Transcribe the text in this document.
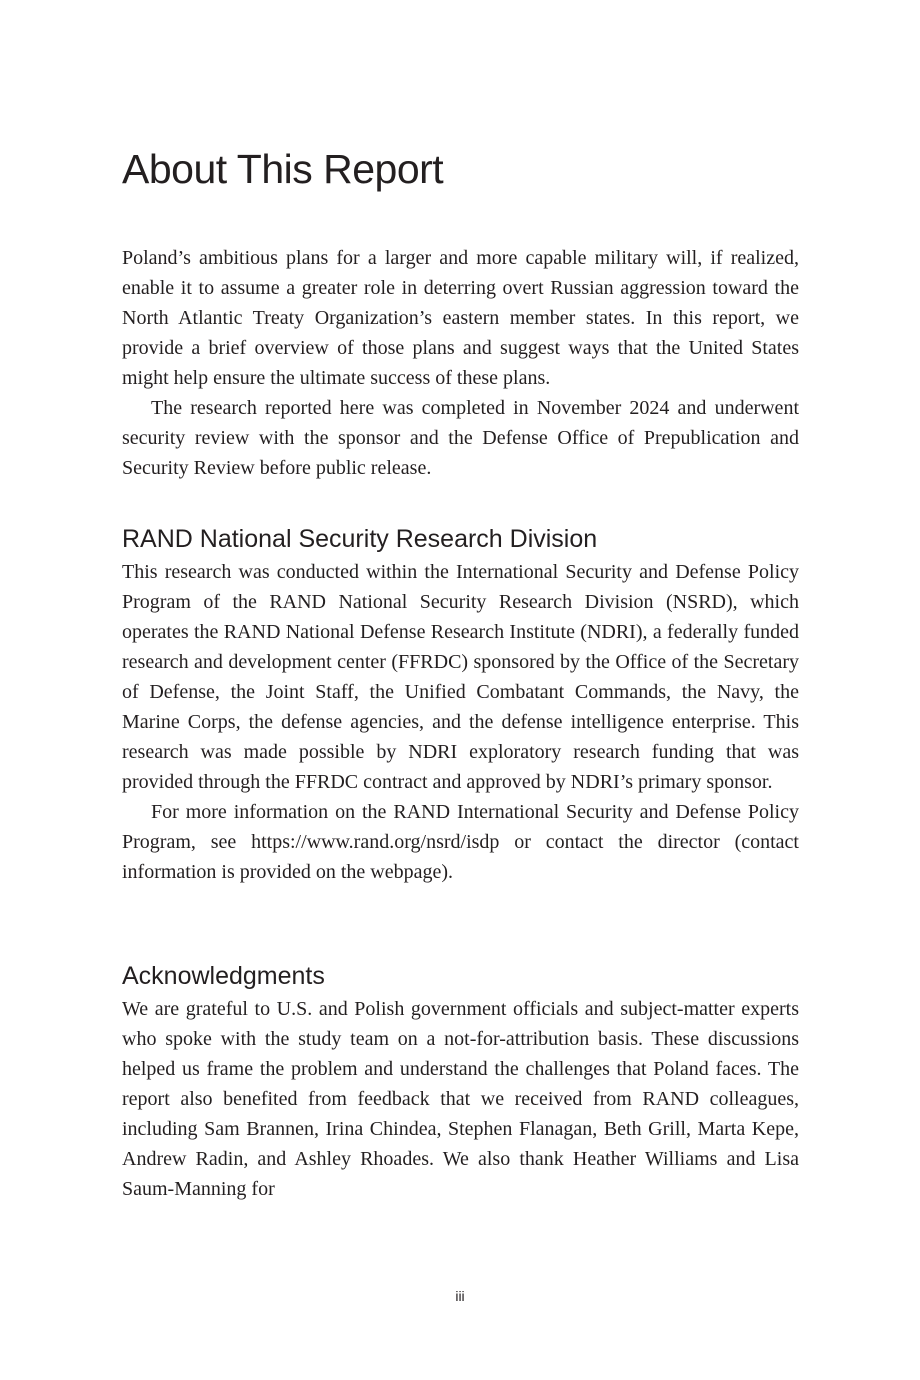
About This Report

Poland’s ambitious plans for a larger and more capable military will, if realized, enable it to assume a greater role in deterring overt Russian aggression toward the North Atlantic Treaty Organization’s eastern member states. In this report, we provide a brief overview of those plans and suggest ways that the United States might help ensure the ultimate success of these plans.

The research reported here was completed in November 2024 and underwent security review with the sponsor and the Defense Office of Prepublication and Security Review before public release.

RAND National Security Research Division

This research was conducted within the International Security and Defense Policy Program of the RAND National Security Research Division (NSRD), which operates the RAND National Defense Research Institute (NDRI), a federally funded research and development center (FFRDC) sponsored by the Office of the Secretary of Defense, the Joint Staff, the Unified Combatant Commands, the Navy, the Marine Corps, the defense agencies, and the defense intelligence enterprise. This research was made possible by NDRI exploratory research funding that was provided through the FFRDC contract and approved by NDRI’s primary sponsor.

For more information on the RAND International Security and Defense Policy Program, see https://www.rand.org/nsrd/isdp or contact the director (contact information is provided on the webpage).

Acknowledgments

We are grateful to U.S. and Polish government officials and subject-matter experts who spoke with the study team on a not-for-attribution basis. These discussions helped us frame the problem and understand the challenges that Poland faces. The report also benefited from feedback that we received from RAND colleagues, including Sam Brannen, Irina Chindea, Stephen Flanagan, Beth Grill, Marta Kepe, Andrew Radin, and Ashley Rhoades. We also thank Heather Williams and Lisa Saum-Manning for

iii
